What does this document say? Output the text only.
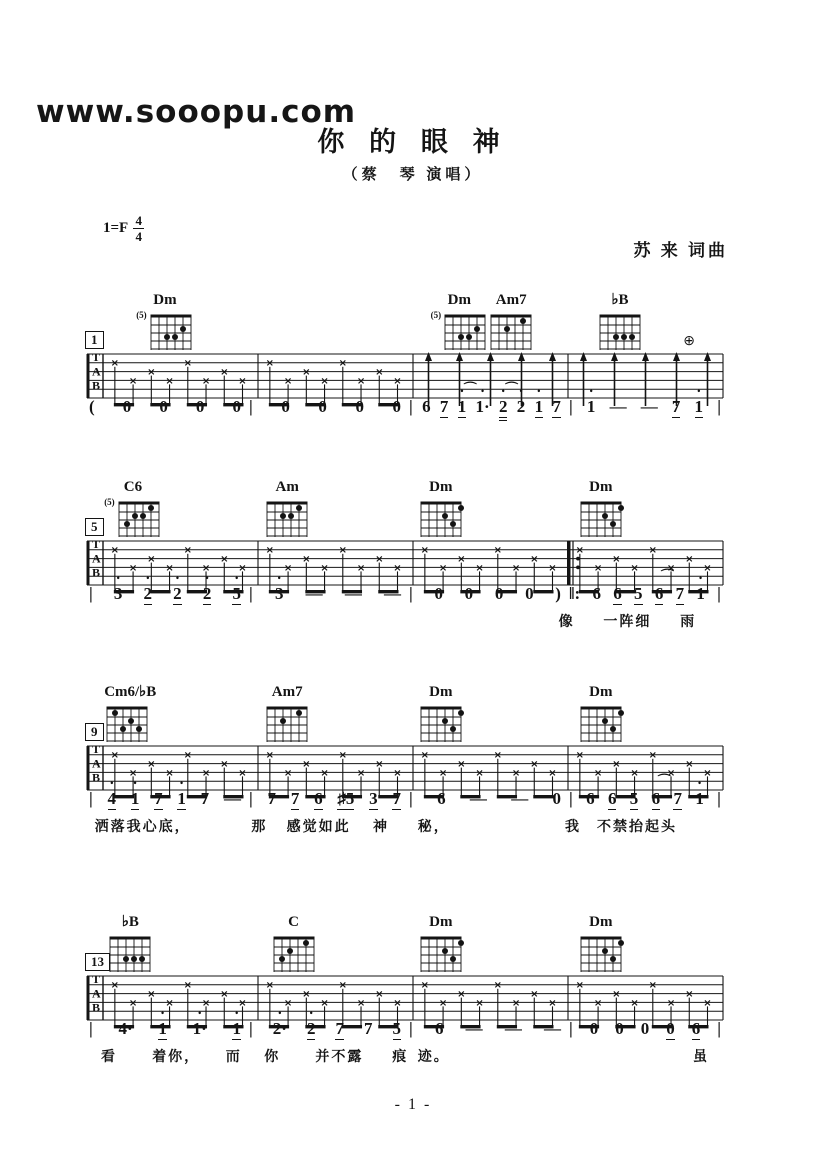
www.sooopu.com
你 的 眼 神
（蔡　琴 演唱）
1=F 4
4
苏 来 词曲
Dm
(5)
Dm
(5)
Am7	♭B
1
T
A
B
×
×
×
×
×
×
×
×
×
×
×
×
×
×
×
×
⊕
( 0 0 0 0 | 0 0 0 0 | 6 7 • 1 ⌒ • 1· • 2 ⌒ • 2 • 1 7 | • 1 — — 7 • 1 |
C6
(5)
Am	Dm	Dm
5
T
A
B
×
×
×
×
×
×
×
×
×
×
×
×
×
×
×
×
×
×
×
×
×
×
×
×
×
×
×
×
×
×
×
×
| • 3 • 2 • 2 • 2 • 5 | • 3 — — — | 0 0 0 0 ) ‖: 6 6 5 6 ⌒ 7 • 1 |
像 一阵细 雨
Cm6/♭B	Am7	Dm	Dm
9
T
A
B
×
×
×
×
×
×
×
×
×
×
×
×
×
×
×
×
×
×
×
×
×
×
×
×
×
×
×
×
×
×
×
×
| • 4 • 1 7 • 1 7 — | 7 7 6 ♯5 3 7 | 6 — — 0 | 6 6 5 6 ⌒ 7 • 1 |
洒落我心底，	那 感觉如此 神 秘，	我 不禁抬起头
♭B	C	Dm	Dm
13
T
A
B
×
×
×
×
×
×
×
×
×
×
×
×
×
×
×
×
×
×
×
×
×
×
×
×
×
×
×
×
×
×
×
×
| 4· • 1 • 1· • 1 | • 2· • 2 7 7 5 | 6 — — — | 0 0 0 0 6 |
看	着你， 而 你	并不露 痕 迹。	虽
- 1 -
